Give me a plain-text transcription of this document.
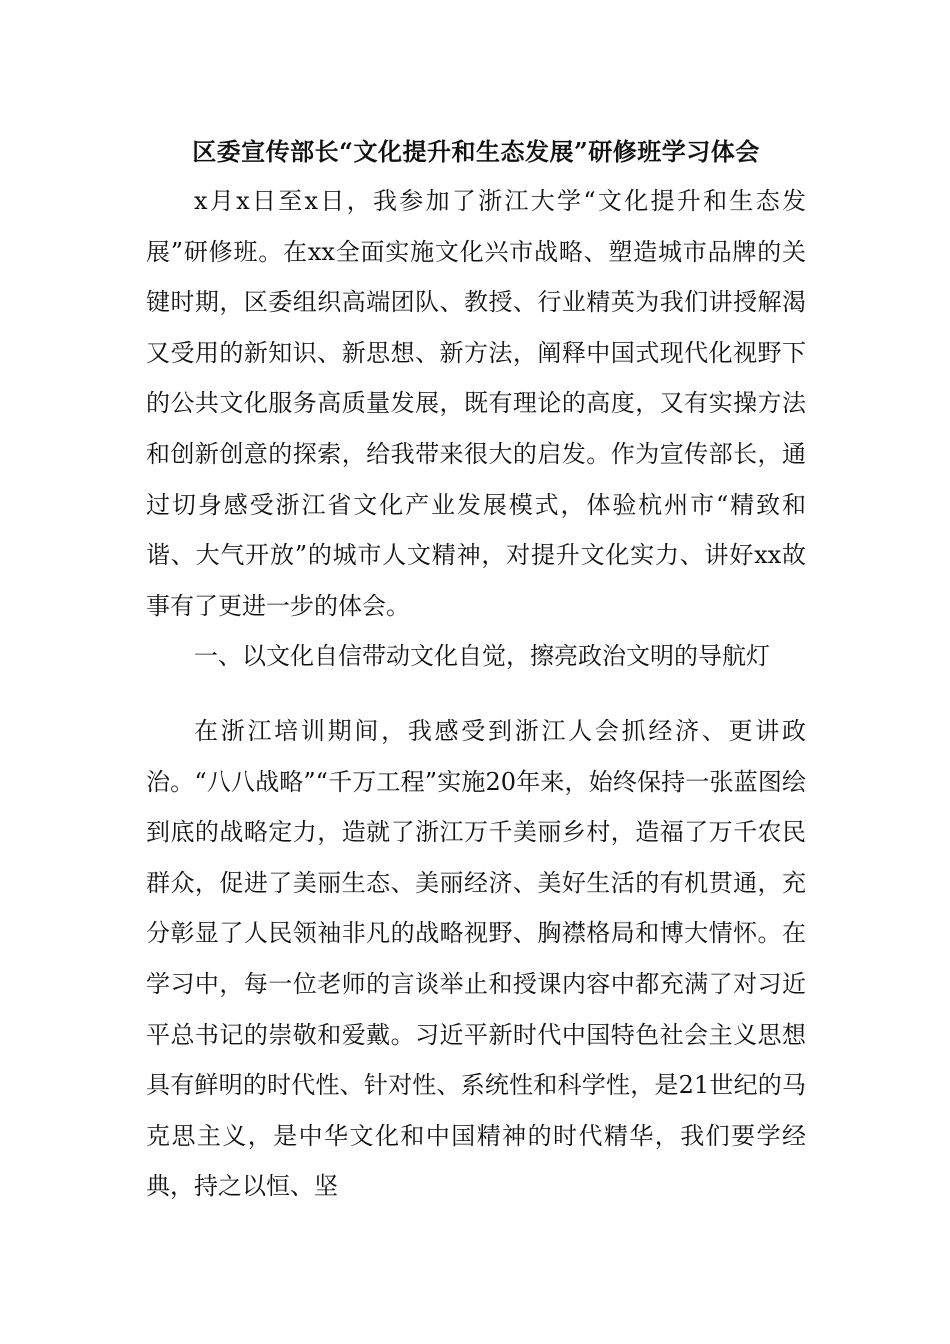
区委宣传部长“文化提升和生态发展”研修班学习体会

x月x日至x日，我参加了浙江大学“文化提升和生态发展”研修班。在xx全面实施文化兴市战略、塑造城市品牌的关键时期，区委组织高端团队、教授、行业精英为我们讲授解渴又受用的新知识、新思想、新方法，阐释中国式现代化视野下的公共文化服务高质量发展，既有理论的高度，又有实操方法和创新创意的探索，给我带来很大的启发。作为宣传部长，通过切身感受浙江省文化产业发展模式，体验杭州市“精致和谐、大气开放”的城市人文精神，对提升文化实力、讲好xx故事有了更进一步的体会。

一、以文化自信带动文化自觉，擦亮政治文明的导航灯

在浙江培训期间，我感受到浙江人会抓经济、更讲政治。“八八战略”“千万工程”实施20年来，始终保持一张蓝图绘到底的战略定力，造就了浙江万千美丽乡村，造福了万千农民群众，促进了美丽生态、美丽经济、美好生活的有机贯通，充分彰显了人民领袖非凡的战略视野、胸襟格局和博大情怀。在学习中，每一位老师的言谈举止和授课内容中都充满了对习近平总书记的崇敬和爱戴。习近平新时代中国特色社会主义思想具有鲜明的时代性、针对性、系统性和科学性，是21世纪的马克思主义，是中华文化和中国精神的时代精华，我们要学经典，持之以恒、坚
